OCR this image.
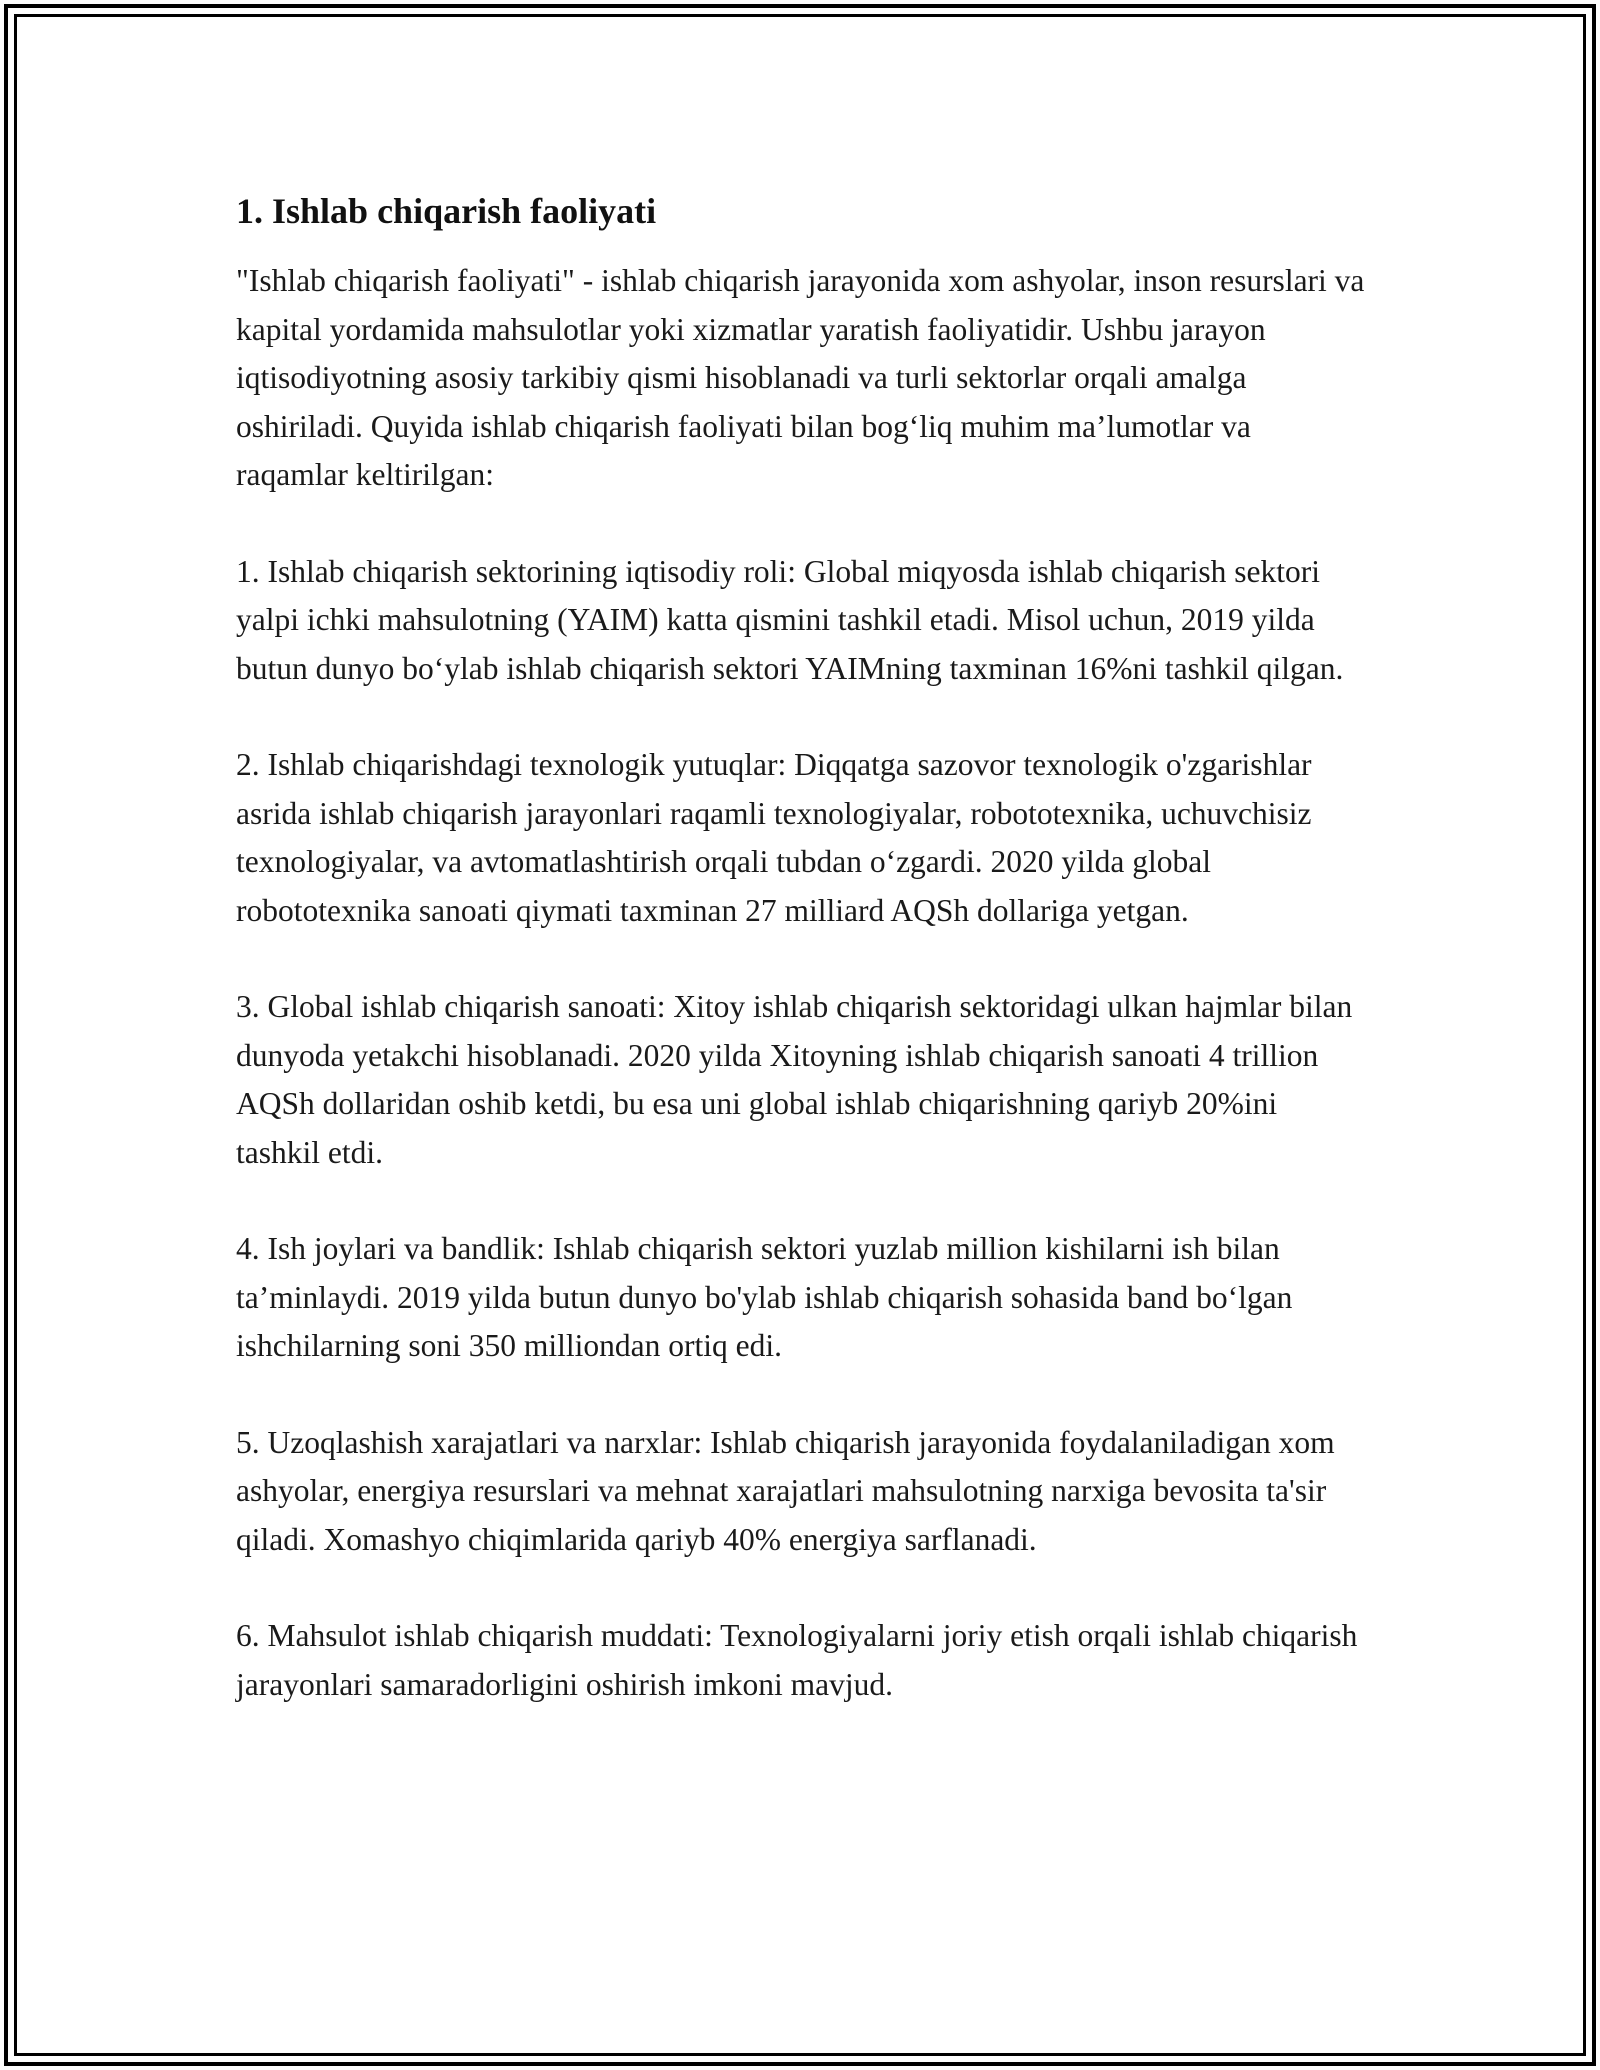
1. Ishlab chiqarish faoliyati

"Ishlab chiqarish faoliyati" - ishlab chiqarish jarayonida xom ashyolar, inson resurslari va kapital yordamida mahsulotlar yoki xizmatlar yaratish faoliyatidir. Ushbu jarayon iqtisodiyotning asosiy tarkibiy qismi hisoblanadi va turli sektorlar orqali amalga oshiriladi. Quyida ishlab chiqarish faoliyati bilan bog‘liq muhim ma’lumotlar va raqamlar keltirilgan:

1. Ishlab chiqarish sektorining iqtisodiy roli: Global miqyosda ishlab chiqarish sektori yalpi ichki mahsulotning (YAIM) katta qismini tashkil etadi. Misol uchun, 2019 yilda butun dunyo bo‘ylab ishlab chiqarish sektori YAIMning taxminan 16%ni tashkil qilgan.

2. Ishlab chiqarishdagi texnologik yutuqlar: Diqqatga sazovor texnologik o'zgarishlar asrida ishlab chiqarish jarayonlari raqamli texnologiyalar, robototexnika, uchuvchisiz texnologiyalar, va avtomatlashtirish orqali tubdan o‘zgardi. 2020 yilda global robototexnika sanoati qiymati taxminan 27 milliard AQSh dollariga yetgan.

3. Global ishlab chiqarish sanoati: Xitoy ishlab chiqarish sektoridagi ulkan hajmlar bilan dunyoda yetakchi hisoblanadi. 2020 yilda Xitoyning ishlab chiqarish sanoati 4 trillion AQSh dollaridan oshib ketdi, bu esa uni global ishlab chiqarishning qariyb 20%ini tashkil etdi.

4. Ish joylari va bandlik: Ishlab chiqarish sektori yuzlab million kishilarni ish bilan ta’minlaydi. 2019 yilda butun dunyo bo'ylab ishlab chiqarish sohasida band bo‘lgan ishchilarning soni 350 milliondan ortiq edi.

5. Uzoqlashish xarajatlari va narxlar: Ishlab chiqarish jarayonida foydalaniladigan xom ashyolar, energiya resurslari va mehnat xarajatlari mahsulotning narxiga bevosita ta'sir qiladi. Xomashyo chiqimlarida qariyb 40% energiya sarflanadi.

6. Mahsulot ishlab chiqarish muddati: Texnologiyalarni joriy etish orqali ishlab chiqarish jarayonlari samaradorligini oshirish imkoni mavjud.
